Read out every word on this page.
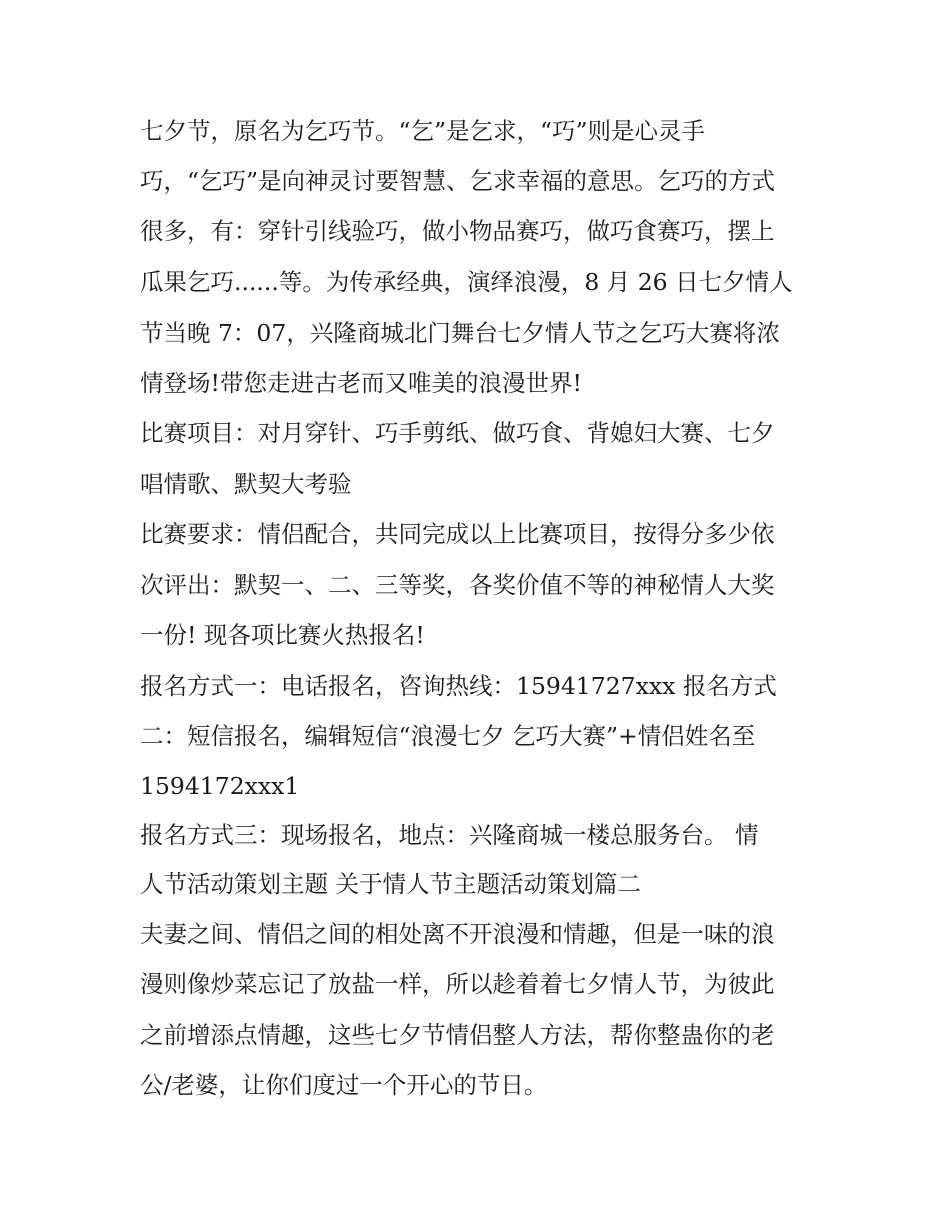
七夕节，原名为乞巧节。“乞”是乞求，“巧”则是心灵手

巧，“乞巧”是向神灵讨要智慧、乞求幸福的意思。乞巧的方式

很多，有：穿针引线验巧，做小物品赛巧，做巧食赛巧，摆上

瓜果乞巧......等。为传承经典，演绎浪漫，8 月 26 日七夕情人

节当晚 7：07，兴隆商城北门舞台七夕情人节之乞巧大赛将浓

情登场!带您走进古老而又唯美的浪漫世界!

比赛项目：对月穿针、巧手剪纸、做巧食、背媳妇大赛、七夕

唱情歌、默契大考验

比赛要求：情侣配合，共同完成以上比赛项目，按得分多少依

次评出：默契一、二、三等奖，各奖价值不等的神秘情人大奖

一份! 现各项比赛火热报名!

报名方式一：电话报名，咨询热线：15941727xxx 报名方式

二：短信报名，编辑短信“浪漫七夕 乞巧大赛”+情侣姓名至

1594172xxx1

报名方式三：现场报名，地点：兴隆商城一楼总服务台。 情

人节活动策划主题 关于情人节主题活动策划篇二

夫妻之间、情侣之间的相处离不开浪漫和情趣，但是一味的浪

漫则像炒菜忘记了放盐一样，所以趁着着七夕情人节，为彼此

之前增添点情趣，这些七夕节情侣整人方法，帮你整蛊你的老

公/老婆，让你们度过一个开心的节日。
